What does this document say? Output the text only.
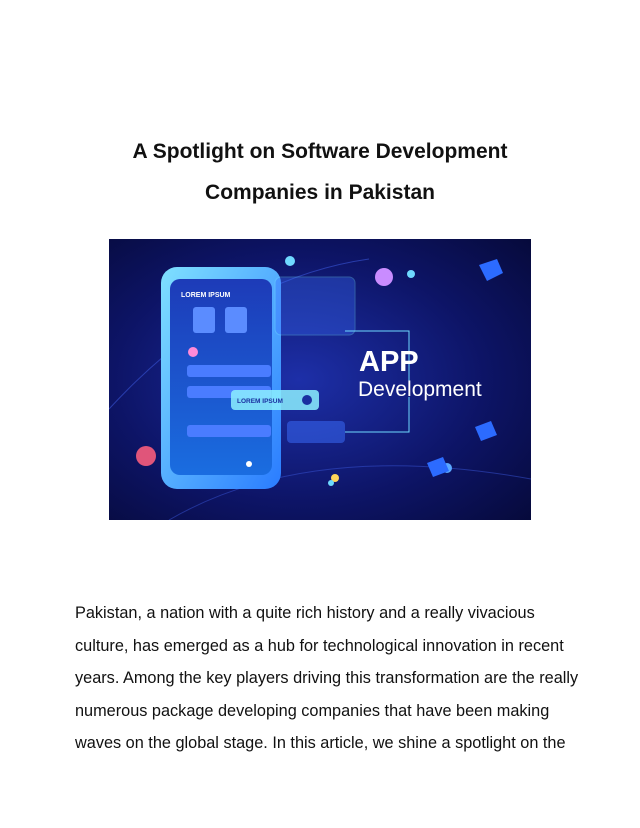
A Spotlight on Software Development
Companies in Pakistan
LOREM IPSUM
LOREM IPSUM
APP
Development
Pakistan, a nation with a quite rich history and a really vivacious
culture, has emerged as a hub for technological innovation in recent
years. Among the key players driving this transformation are the really
numerous package developing companies that have been making
waves on the global stage. In this article, we shine a spotlight on the
